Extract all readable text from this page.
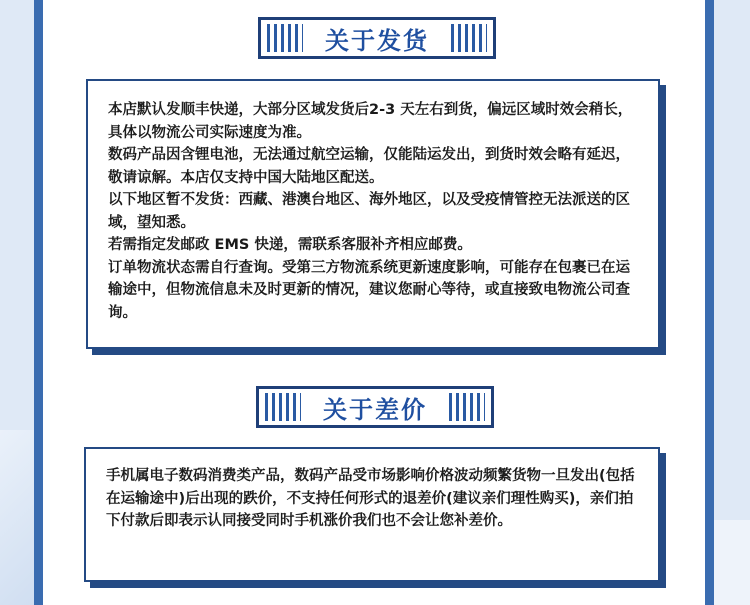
关于发货

本店默认发顺丰快递，大部分区域发货后2-3 天左右到货，偏远区域时效会稍长，具体以物流公司实际速度为准。

数码产品因含锂电池，无法通过航空运输，仅能陆运发出，到货时效会略有延迟，敬请谅解。本店仅支持中国大陆地区配送。

以下地区暂不发货：西藏、港澳台地区、海外地区，以及受疫情管控无法派送的区域，望知悉。

若需指定发邮政 EMS 快递，需联系客服补齐相应邮费。

订单物流状态需自行查询。受第三方物流系统更新速度影响，可能存在包裹已在运输途中，但物流信息未及时更新的情况，建议您耐心等待，或直接致电物流公司查询。

关于差价

手机属电子数码消费类产品，数码产品受市场影响价格波动频繁货物一旦发出(包括在运输途中)后出现的跌价，不支持任何形式的退差价(建议亲们理性购买)，亲们拍下付款后即表示认同接受同时手机涨价我们也不会让您补差价。
